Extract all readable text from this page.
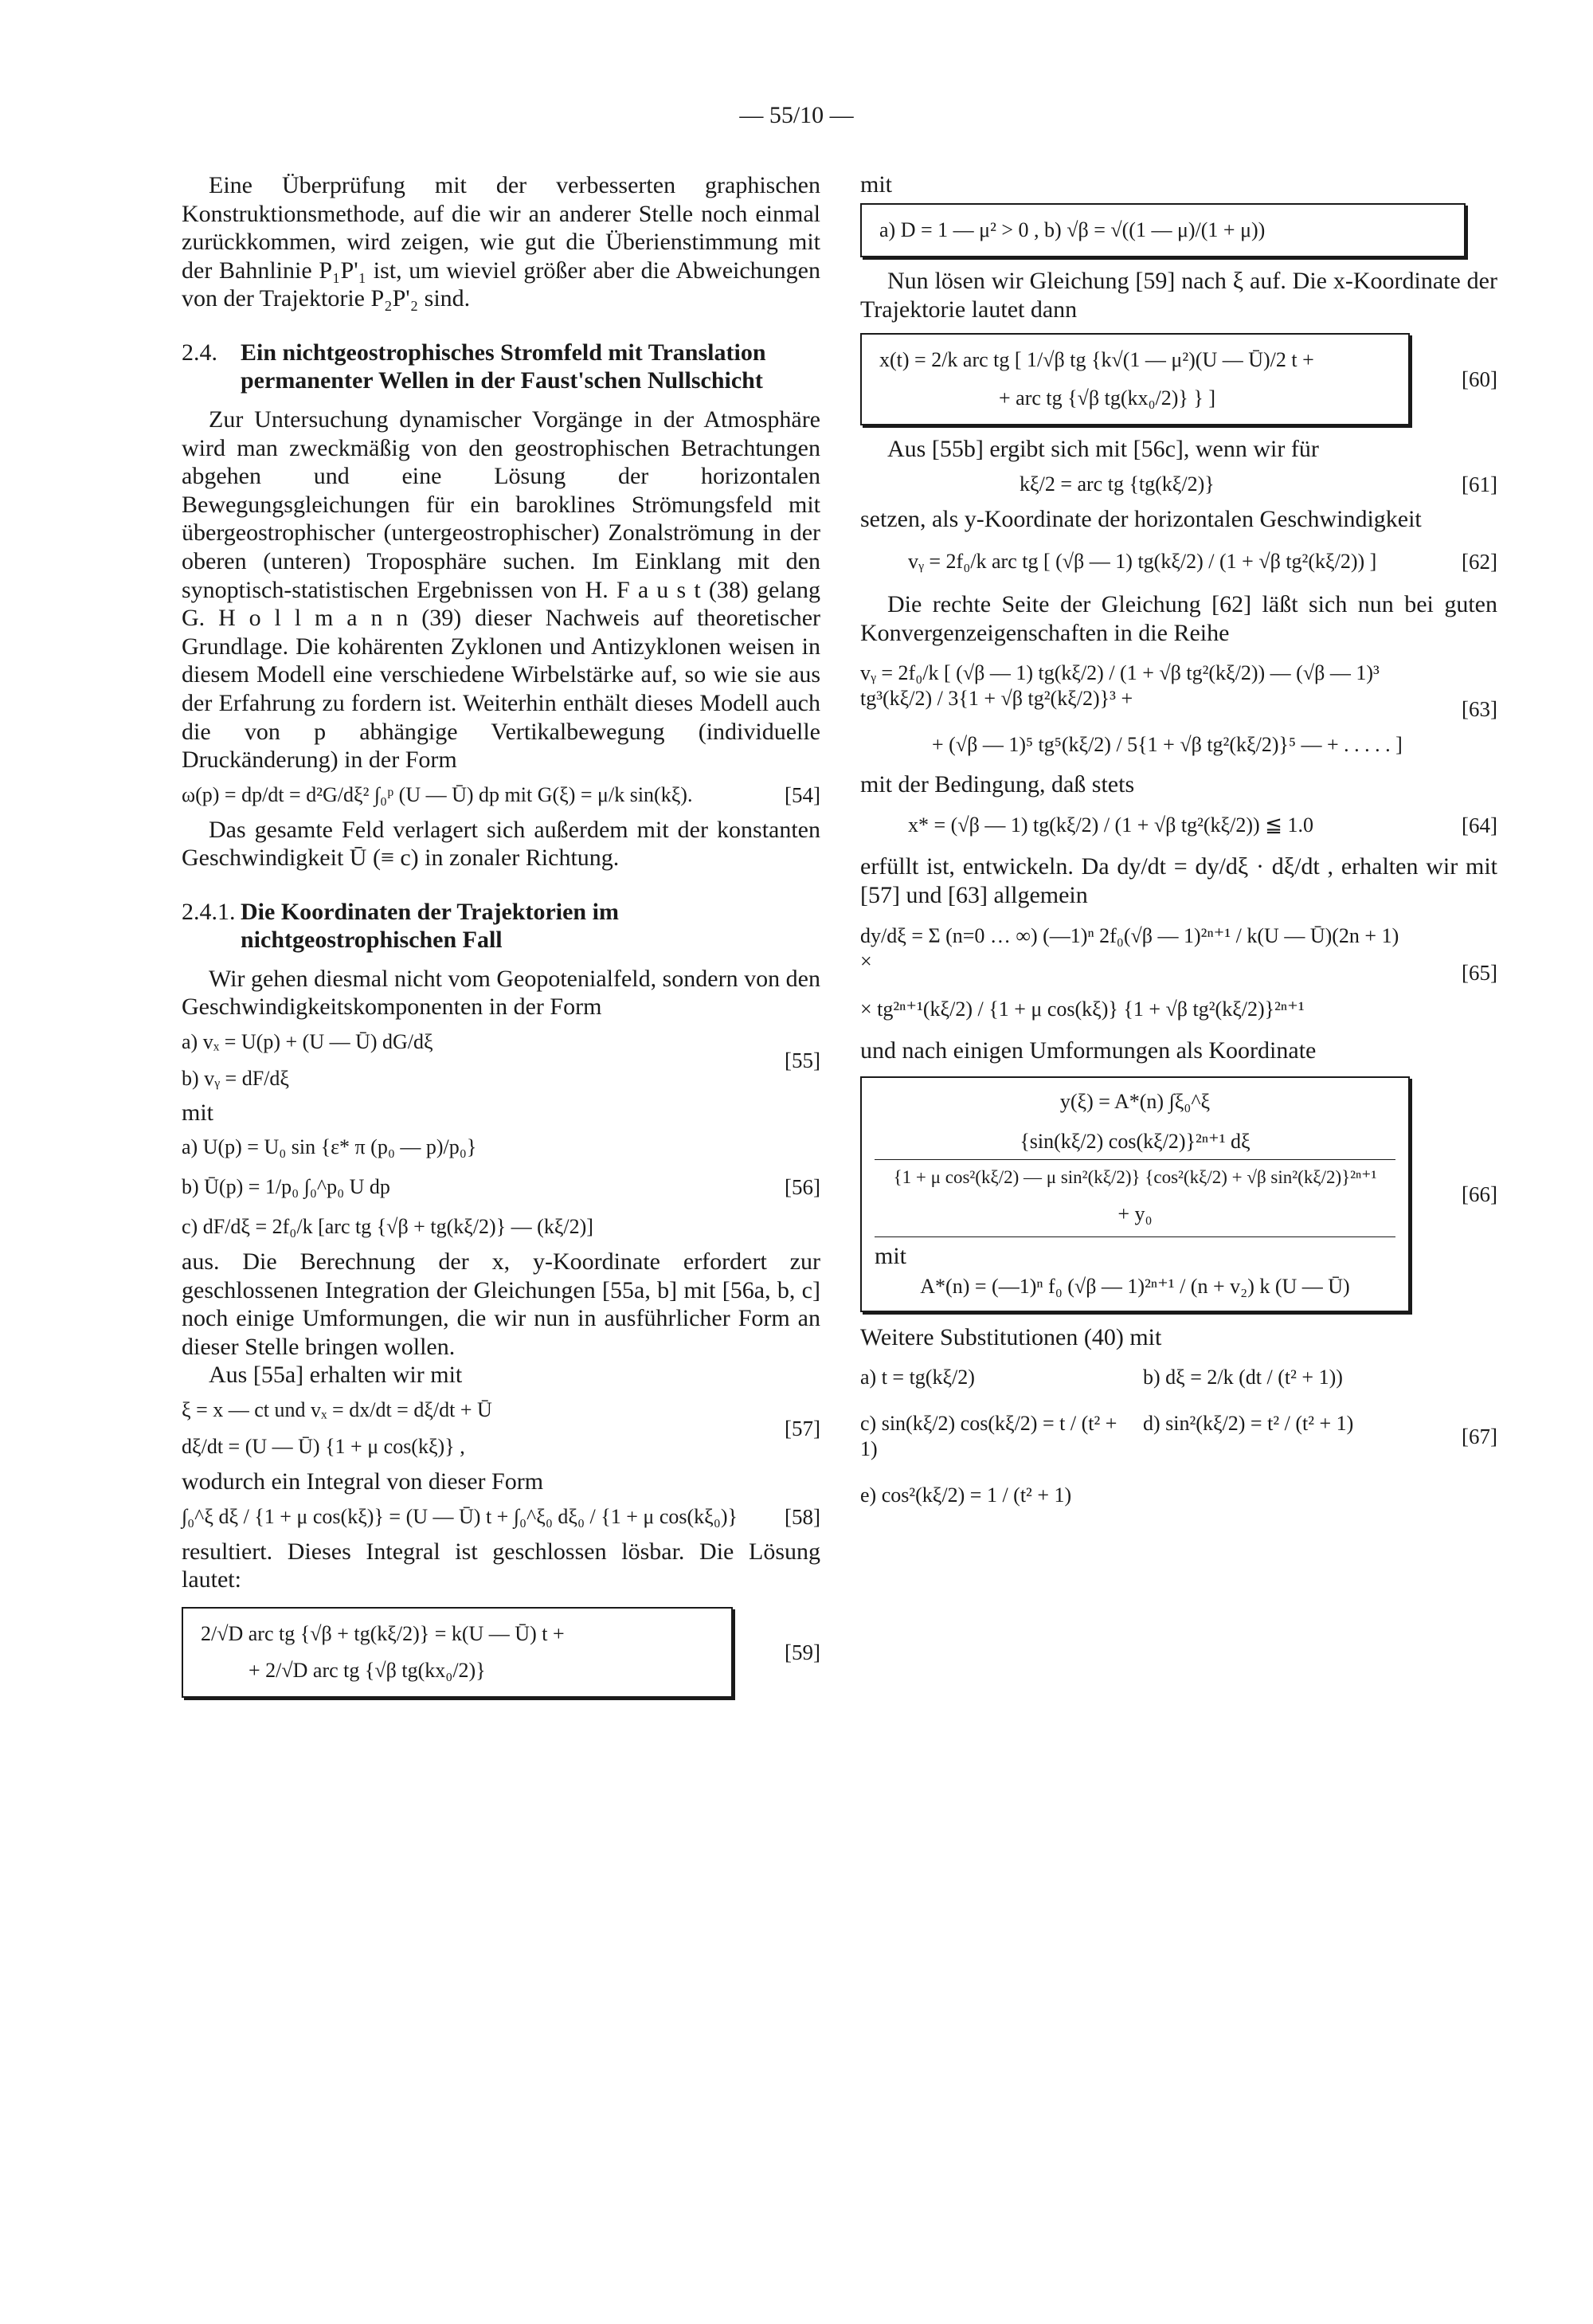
— 55/10 —

Eine Überprüfung mit der verbesserten graphischen Konstruktionsmethode, auf die wir an anderer Stelle noch einmal zurückkommen, wird zeigen, wie gut die Überienstimmung mit der Bahnlinie P₁P'₁ ist, um wieviel größer aber die Abweichungen von der Trajektorie P₂P'₂ sind.

2.4. Ein nichtgeostrophisches Stromfeld mit Translation permanenter Wellen in der Faust'schen Nullschicht

Zur Untersuchung dynamischer Vorgänge in der Atmosphäre wird man zweckmäßig von den geostrophischen Betrachtungen abgehen und eine Lösung der horizontalen Bewegungsgleichungen für ein baroklines Strömungsfeld mit übergeostrophischer (untergeostrophischer) Zonalströmung in der oberen (unteren) Troposphäre suchen. Im Einklang mit den synoptisch-statistischen Ergebnissen von H. F a u s t (38) gelang G. H o l l m a n n (39) dieser Nachweis auf theoretischer Grundlage. Die kohärenten Zyklonen und Antizyklonen weisen in diesem Modell eine verschiedene Wirbelstärke auf, so wie sie aus der Erfahrung zu fordern ist. Weiterhin enthält dieses Modell auch die von p abhängige Vertikalbewegung (individuelle Druckänderung) in der Form

ω(p) = dp/dt = d²G/dξ² ∫₀ᵖ (U — Ū) dp mit G(ξ) = μ/k sin(kξ).	[54]

Das gesamte Feld verlagert sich außerdem mit der konstanten Geschwindigkeit Ū (≡ c) in zonaler Richtung.

2.4.1. Die Koordinaten der Trajektorien im nichtgeostrophischen Fall

Wir gehen diesmal nicht vom Geopotenialfeld, sondern von den Geschwindigkeitskomponenten in der Form

a) vₓ = U(p) + (U — Ū) dG/dξ
b) vᵧ = dF/dξ
[55]
mit
a) U(p) = U₀ sin {ε* π (p₀ — p)/p₀}
b) Ū(p) = 1/p₀ ∫₀^p₀ U dp
c) dF/dξ = 2f₀/k [arc tg {√β + tg(kξ/2)} — (kξ/2)]
[56]

aus. Die Berechnung der x, y-Koordinate erfordert zur geschlossenen Integration der Gleichungen [55a, b] mit [56a, b, c] noch einige Umformungen, die wir nun in ausführlicher Form an dieser Stelle bringen wollen.

Aus [55a] erhalten wir mit

ξ = x — ct und vₓ = dx/dt = dξ/dt + Ū
dξ/dt = (U — Ū) {1 + μ cos(kξ)} ,
[57]

wodurch ein Integral von dieser Form

∫₀^ξ dξ / {1 + μ cos(kξ)} = (U — Ū) t + ∫₀^ξ₀ dξ₀ / {1 + μ cos(kξ₀)}	[58]

resultiert. Dieses Integral ist geschlossen lösbar. Die Lösung lautet:

2/√D arc tg {√β + tg(kξ/2)} = k(U — Ū) t +
+ 2/√D arc tg {√β tg(kx₀/2)}
[59]
mit
a) D = 1 — μ² > 0 , b) √β = √((1 — μ)/(1 + μ))

Nun lösen wir Gleichung [59] nach ξ auf. Die x-Koordinate der Trajektorie lautet dann

x(t) = 2/k arc tg [ 1/√β tg {k√(1 — μ²)(U — Ū)/2 t +
+ arc tg {√β tg(kx₀/2)} } ]
[60]

Aus [55b] ergibt sich mit [56c], wenn wir für

kξ/2 = arc tg {tg(kξ/2)}	[61]

setzen, als y-Koordinate der horizontalen Geschwindigkeit

vᵧ = 2f₀/k arc tg [ (√β — 1) tg(kξ/2) / (1 + √β tg²(kξ/2)) ]	[62]

Die rechte Seite der Gleichung [62] läßt sich nun bei guten Konvergenzeigenschaften in die Reihe

vᵧ = 2f₀/k [ (√β — 1) tg(kξ/2) / (1 + √β tg²(kξ/2)) — (√β — 1)³ tg³(kξ/2) / 3{1 + √β tg²(kξ/2)}³ +
+ (√β — 1)⁵ tg⁵(kξ/2) / 5{1 + √β tg²(kξ/2)}⁵ — + . . . . . ]
[63]

mit der Bedingung, daß stets

x* = (√β — 1) tg(kξ/2) / (1 + √β tg²(kξ/2)) ≦ 1.0	[64]

erfüllt ist, entwickeln. Da dy/dt = dy/dξ · dξ/dt , erhalten wir mit [57] und [63] allgemein

dy/dξ = Σ (n=0 … ∞) (—1)ⁿ 2f₀(√β — 1)²ⁿ⁺¹ / k(U — Ū)(2n + 1) ×
× tg²ⁿ⁺¹(kξ/2) / {1 + μ cos(kξ)} {1 + √β tg²(kξ/2)}²ⁿ⁺¹
[65]

und nach einigen Umformungen als Koordinate

y(ξ) = A*(n) ∫ξ₀^ξ
{sin(kξ/2) cos(kξ/2)}²ⁿ⁺¹ dξ
{1 + μ cos²(kξ/2) — μ sin²(kξ/2)} {cos²(kξ/2) + √β sin²(kξ/2)}²ⁿ⁺¹
+ y₀
mit
A*(n) = (—1)ⁿ f₀ (√β — 1)²ⁿ⁺¹ / (n + v₂) k (U — Ū)
[66]

Weitere Substitutionen (40) mit

a) t = tg(kξ/2)	b) dξ = 2/k (dt / (t² + 1))
c) sin(kξ/2) cos(kξ/2) = t / (t² + 1)
d) sin²(kξ/2) = t² / (t² + 1)
e) cos²(kξ/2) = 1 / (t² + 1)
[67]
